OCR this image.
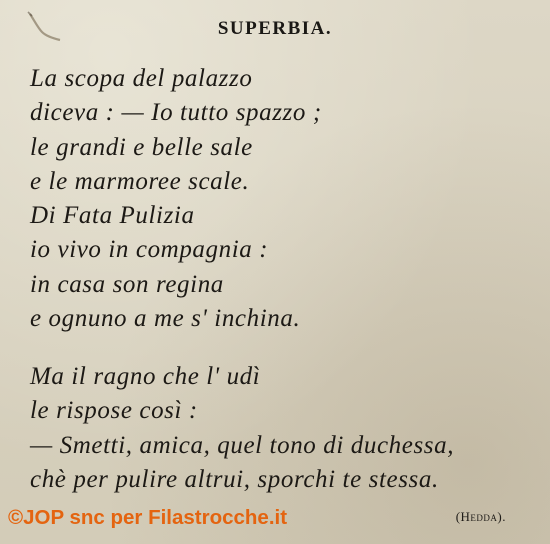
SUPERBIA.
La scopa del palazzo
diceva : — Io tutto spazzo ;
le grandi e belle sale
e le marmoree scale.
Di Fata Pulizia
io vivo in compagnia :
in casa son regina
e ognuno a me s' inchina.
Ma il ragno che l' udì
le rispose così :
— Smetti, amica, quel tono di duchessa,
chè per pulire altrui, sporchi te stessa.
©JOP snc per Filastrocche.it	(Hedda).
